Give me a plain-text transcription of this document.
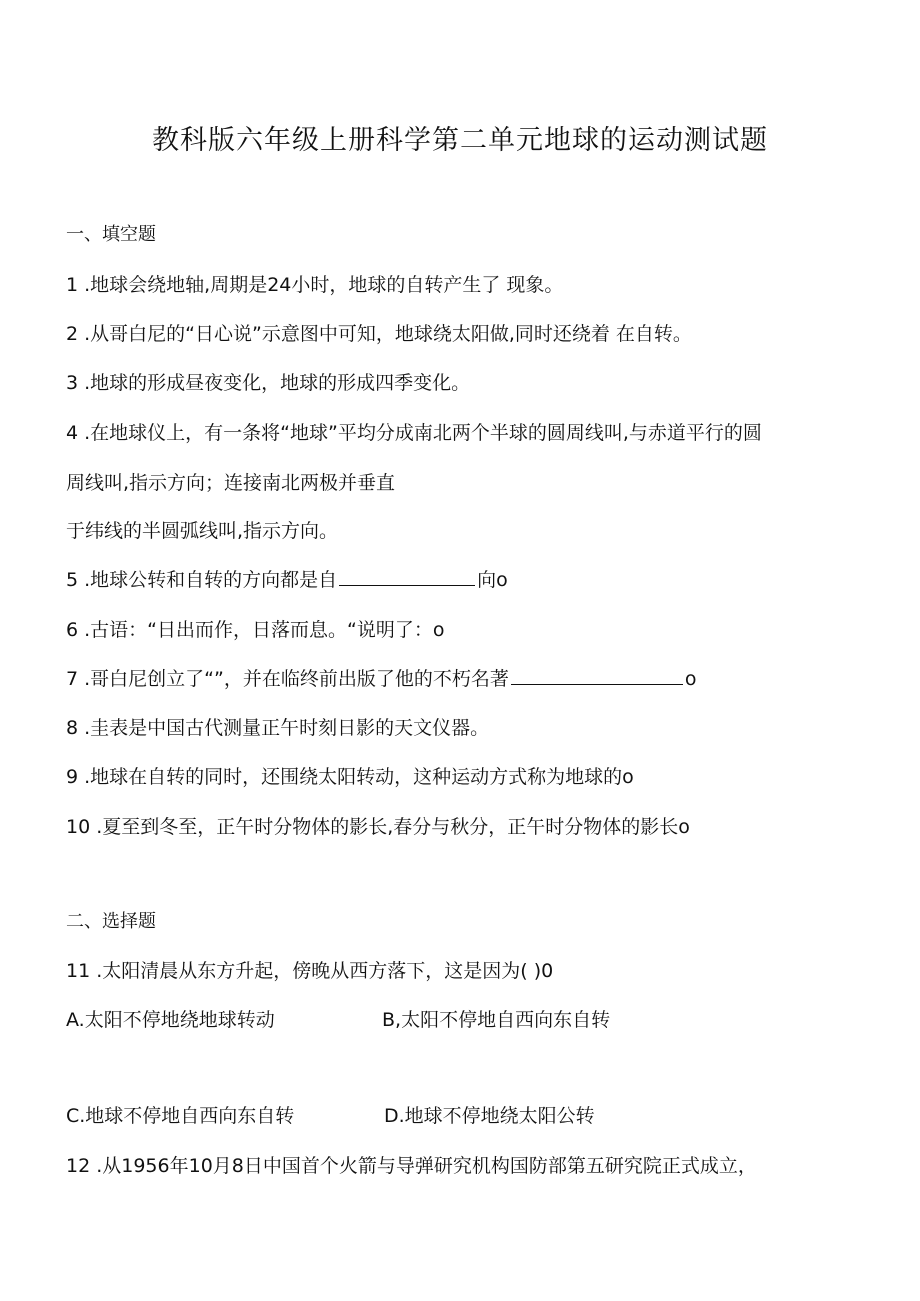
教科版六年级上册科学第二单元地球的运动测试题
一、填空题
1 .地球会绕地轴,周期是24小时，地球的自转产生了 现象。
2 .从哥白尼的“日心说”示意图中可知，地球绕太阳做,同时还绕着 在自转。
3 .地球的形成昼夜变化，地球的形成四季变化。
4 .在地球仪上，有一条将“地球”平均分成南北两个半球的圆周线叫,与赤道平行的圆
周线叫,指示方向；连接南北两极并垂直
于纬线的半圆弧线叫,指示方向。
5 .地球公转和自转的方向都是自	向o
6 .古语：“日出而作，日落而息。“说明了：o
7 .哥白尼创立了“”，并在临终前出版了他的不朽名著	o
8 .圭表是中国古代测量正午时刻日影的天文仪器。
9 .地球在自转的同时，还围绕太阳转动，这种运动方式称为地球的o
10 .夏至到冬至，正午时分物体的影长,春分与秋分，正午时分物体的影长o
二、选择题
11 .太阳清晨从东方升起，傍晚从西方落下，这是因为( )0
A.太阳不停地绕地球转动	B,太阳不停地自西向东自转
C.地球不停地自西向东自转	D.地球不停地绕太阳公转
12 .从1956年10月8日中国首个火箭与导弹研究机构国防部第五研究院正式成立，
